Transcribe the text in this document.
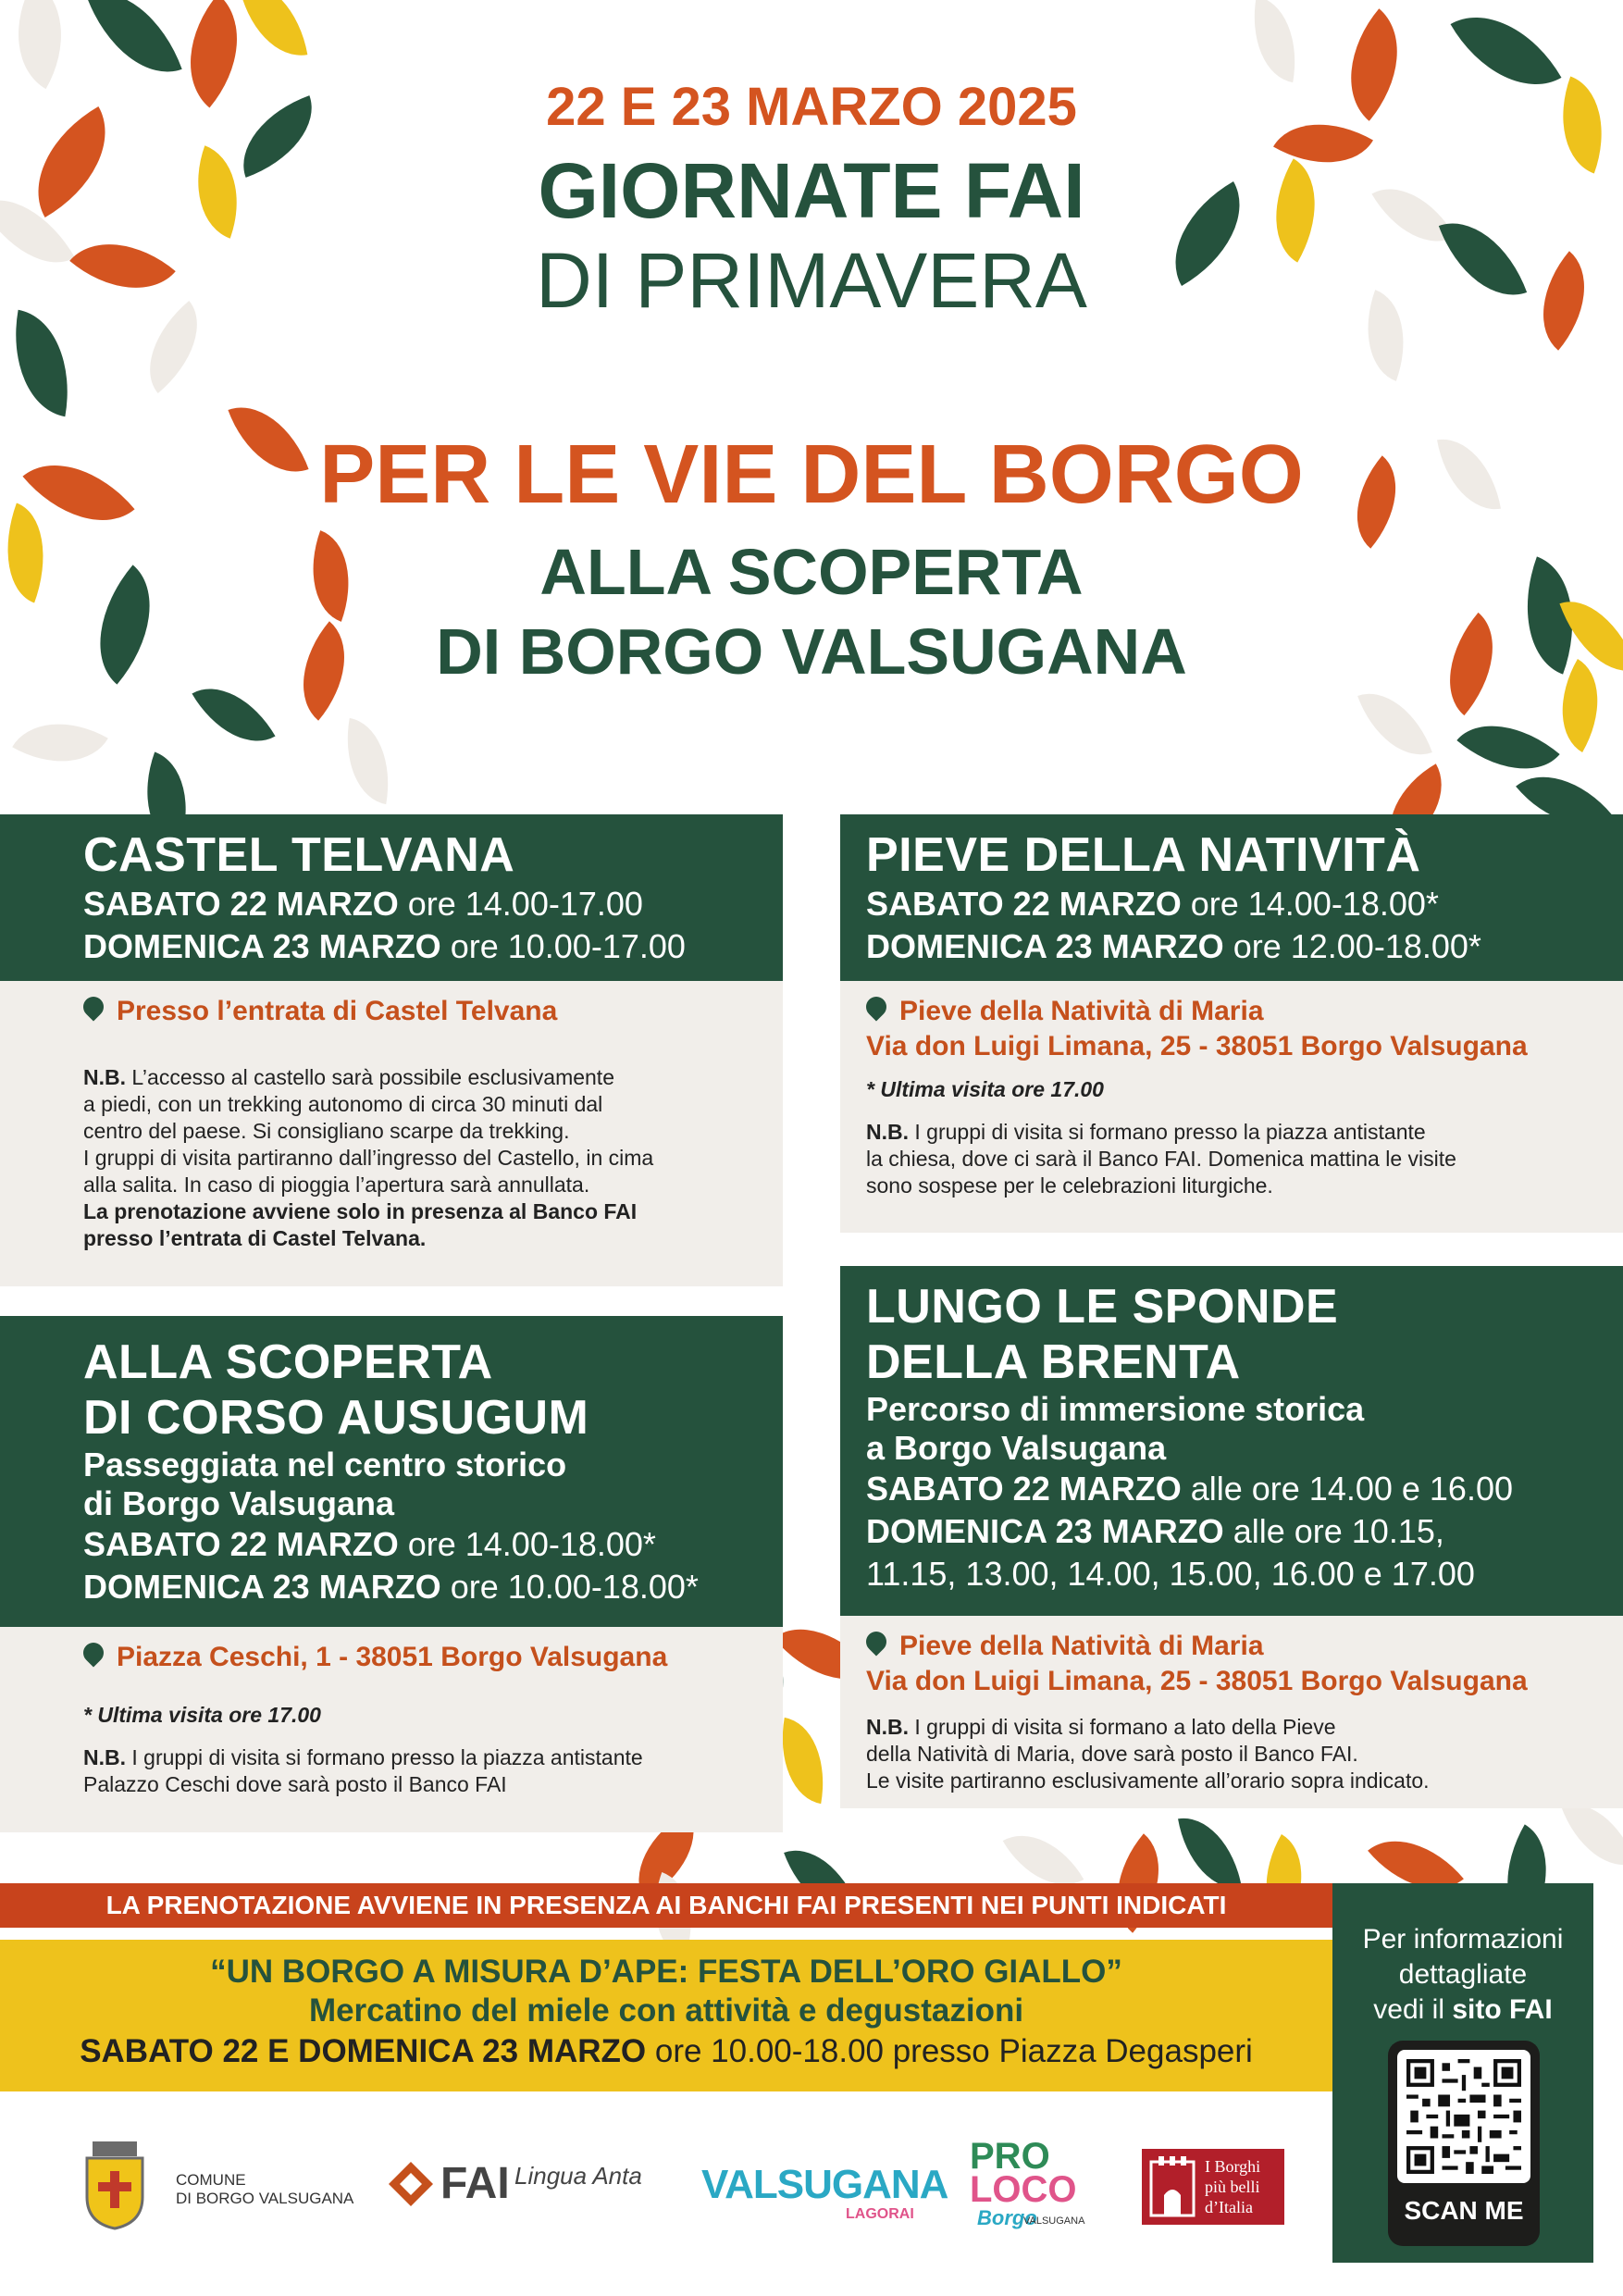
22 E 23 MARZO 2025
GIORNATE FAI
DI PRIMAVERA
PER LE VIE DEL BORGO
ALLA SCOPERTA
DI BORGO VALSUGANA
CASTEL TELVANA
SABATO 22 MARZO ore 14.00-17.00
DOMENICA 23 MARZO ore 10.00-17.00
Presso l’entrata di Castel Telvana
N.B. L’accesso al castello sarà possibile esclusivamente
a piedi, con un trekking autonomo di circa 30 minuti dal
centro del paese. Si consigliano scarpe da trekking.
I gruppi di visita partiranno dall’ingresso del Castello, in cima
alla salita. In caso di pioggia l’apertura sarà annullata.
La prenotazione avviene solo in presenza al Banco FAI
presso l’entrata di Castel Telvana.
PIEVE DELLA NATIVITÀ
SABATO 22 MARZO ore 14.00-18.00*
DOMENICA 23 MARZO ore 12.00-18.00*
Pieve della Natività di Maria
Via don Luigi Limana, 25 - 38051 Borgo Valsugana
* Ultima visita ore 17.00
N.B. I gruppi di visita si formano presso la piazza antistante
la chiesa, dove ci sarà il Banco FAI. Domenica mattina le visite
sono sospese per le celebrazioni liturgiche.
ALLA SCOPERTA
DI CORSO AUSUGUM
Passeggiata nel centro storico
di Borgo Valsugana
SABATO 22 MARZO ore 14.00-18.00*
DOMENICA 23 MARZO ore 10.00-18.00*
Piazza Ceschi, 1 - 38051 Borgo Valsugana
* Ultima visita ore 17.00
N.B. I gruppi di visita si formano presso la piazza antistante
Palazzo Ceschi dove sarà posto il Banco FAI
LUNGO LE SPONDE
DELLA BRENTA
Percorso di immersione storica
a Borgo Valsugana
SABATO 22 MARZO alle ore 14.00 e 16.00
DOMENICA 23 MARZO alle ore 10.15,
11.15, 13.00, 14.00, 15.00, 16.00 e 17.00
Pieve della Natività di Maria
Via don Luigi Limana, 25 - 38051 Borgo Valsugana
N.B. I gruppi di visita si formano a lato della Pieve
della Natività di Maria, dove sarà posto il Banco FAI.
Le visite partiranno esclusivamente all’orario sopra indicato.
LA PRENOTAZIONE AVVIENE IN PRESENZA AI BANCHI FAI PRESENTI NEI PUNTI INDICATI
“UN BORGO A MISURA D’APE: FESTA DELL’ORO GIALLO”
Mercatino del miele con attività e degustazioni
SABATO 22 E DOMENICA 23 MARZO ore 10.00-18.00 presso Piazza Degasperi
Per informazioni
dettagliate
vedi il sito FAI
SCAN ME
COMUNE
DI BORGO VALSUGANA FAI Lingua Anta VALSUGANA
LAGORAI
PRO
LOCO
Borgo
VALSUGANA
I Borghi
più belli
d’Italia
